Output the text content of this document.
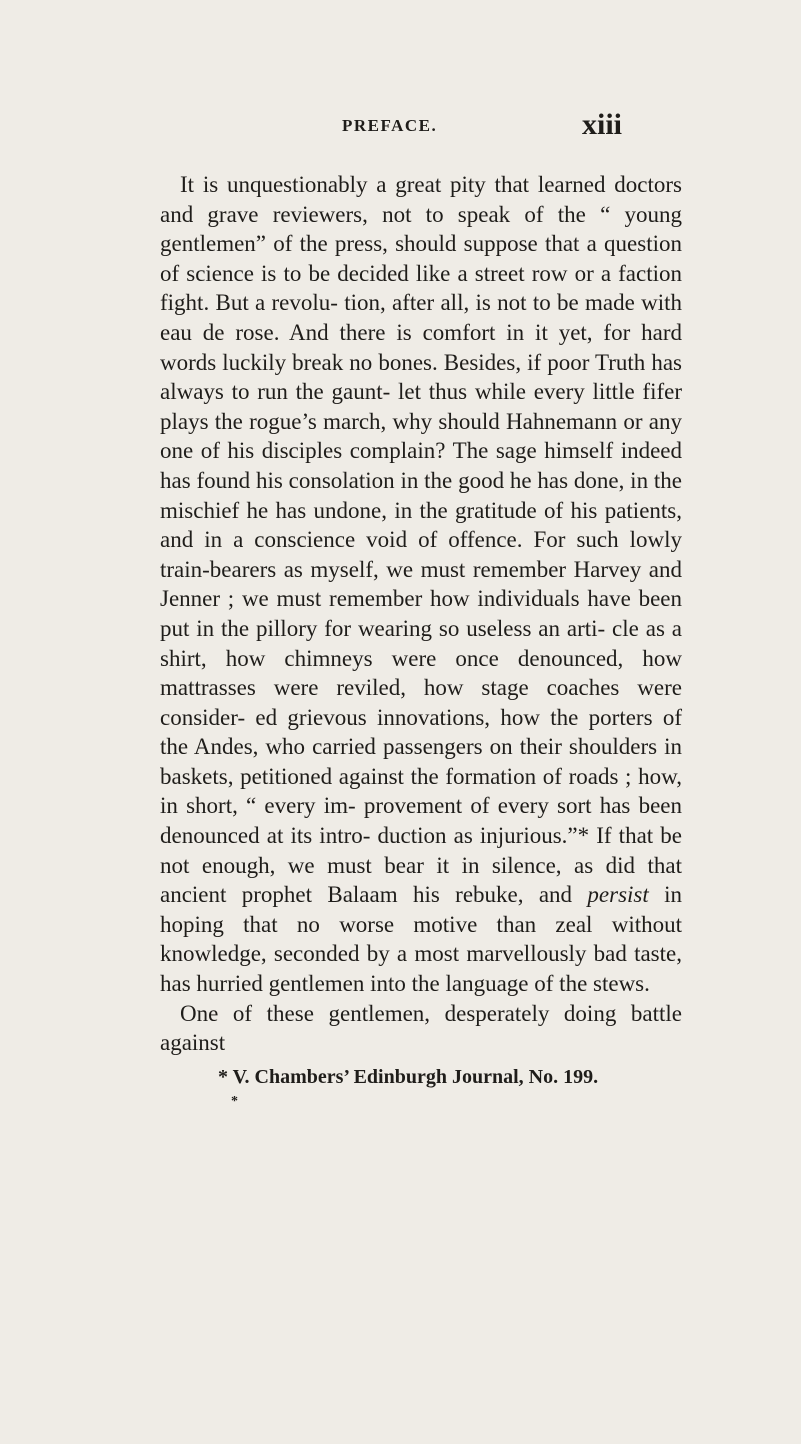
PREFACE.	xiii

It is unquestionably a great pity that learned doctors and grave reviewers, not to speak of the “ young gentlemen” of the press, should suppose that a question of science is to be decided like a street row or a faction fight. But a revolu- tion, after all, is not to be made with eau de rose. And there is comfort in it yet, for hard words luckily break no bones. Besides, if poor Truth has always to run the gaunt- let thus while every little fifer plays the rogue’s march, why should Hahnemann or any one of his disciples complain? The sage himself indeed has found his consolation in the good he has done, in the mischief he has undone, in the gratitude of his patients, and in a conscience void of offence. For such lowly train-bearers as myself, we must remember Harvey and Jenner ; we must remember how individuals have been put in the pillory for wearing so useless an arti- cle as a shirt, how chimneys were once denounced, how mattrasses were reviled, how stage coaches were consider- ed grievous innovations, how the porters of the Andes, who carried passengers on their shoulders in baskets, petitioned against the formation of roads ; how, in short, “ every im- provement of every sort has been denounced at its intro- duction as injurious.”* If that be not enough, we must bear it in silence, as did that ancient prophet Balaam his rebuke, and persist in hoping that no worse motive than zeal without knowledge, seconded by a most marvellously bad taste, has hurried gentlemen into the language of the stews.

One of these gentlemen, desperately doing battle against

* V. Chambers’ Edinburgh Journal, No. 199.
*
